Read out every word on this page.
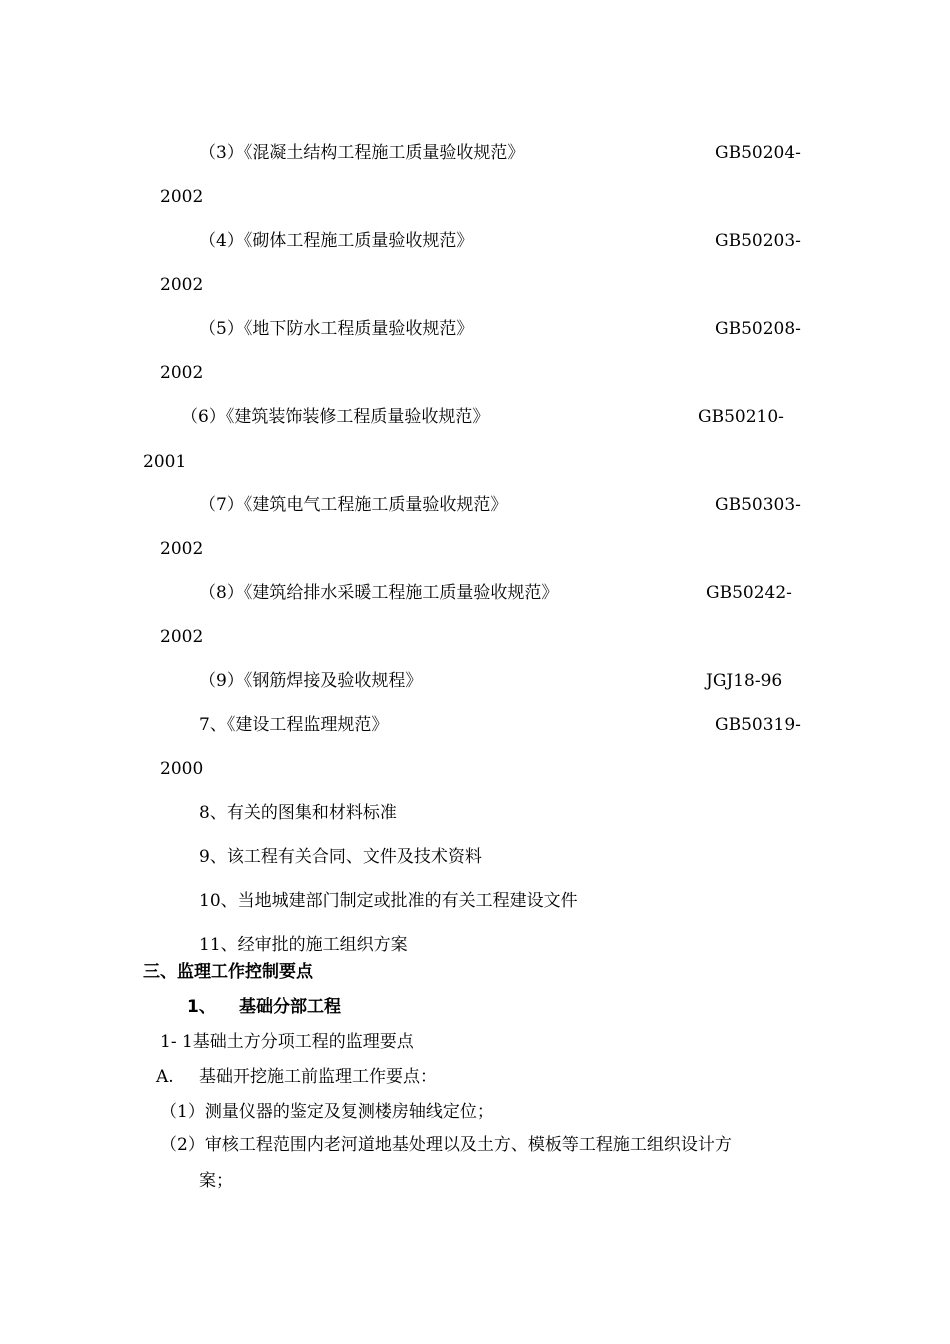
（3）《混凝土结构工程施工质量验收规范》	GB50204-
2002
（4）《砌体工程施工质量验收规范》	GB50203-
2002
（5）《地下防水工程质量验收规范》	GB50208-
2002
（6）《建筑装饰装修工程质量验收规范》	GB50210-
2001
（7）《建筑电气工程施工质量验收规范》	GB50303-
2002
（8）《建筑给排水采暖工程施工质量验收规范》	GB50242-
2002
（9）《钢筋焊接及验收规程》	JGJ18-96
7、《建设工程监理规范》	GB50319-
2000
8、有关的图集和材料标准
9、该工程有关合同、文件及技术资料
10、当地城建部门制定或批准的有关工程建设文件
11、经审批的施工组织方案
三、监理工作控制要点
1、 基础分部工程
1- 1基础土方分项工程的监理要点
A. 基础开挖施工前监理工作要点：
（1）测量仪器的鉴定及复测楼房轴线定位；
（2）审核工程范围内老河道地基处理以及土方、模板等工程施工组织设计方
案；
